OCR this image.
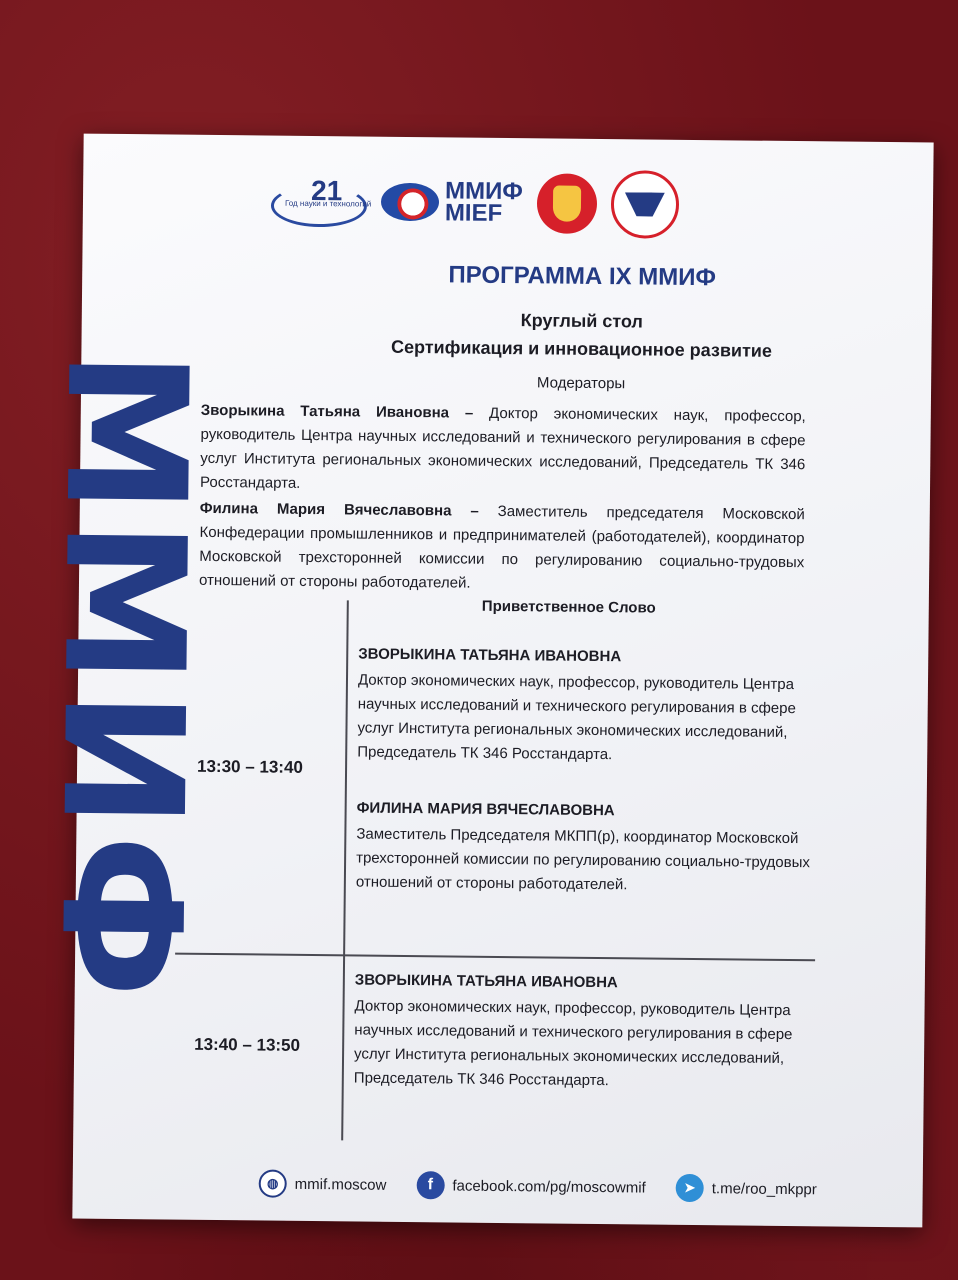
ММИФ
21
Год науки и технологий	ММИФ
MIEF
ПРОГРАММА IX ММИФ
Круглый стол
Сертификация и инновационное развитие
Модераторы
Зворыкина Татьяна Ивановна – Доктор экономических наук, профессор, руководитель Центра научных исследований и технического регулирования в сфере услуг Института региональных экономических исследований, Председатель ТК 346 Росстандарта.
Филина Мария Вячеславовна – Заместитель председателя Московской Конфедерации промышленников и предпринимателей (работодателей), координатор Московской трехсторонней комиссии по регулированию социально-трудовых отношений от стороны работодателей.
Приветственное Слово
13:30 – 13:40
ЗВОРЫКИНА ТАТЬЯНА ИВАНОВНА
Доктор экономических наук, профессор, руководитель Центра научных исследований и технического регулирования в сфере услуг Института региональных экономических исследований, Председатель ТК 346 Росстандарта.
ФИЛИНА МАРИЯ ВЯЧЕСЛАВОВНА
Заместитель Председателя МКПП(р), координатор Московской трехсторонней комиссии по регулированию социально-трудовых отношений от стороны работодателей.
13:40 – 13:50
ЗВОРЫКИНА ТАТЬЯНА ИВАНОВНА
Доктор экономических наук, профессор, руководитель Центра научных исследований и технического регулирования в сфере услуг Института региональных экономических исследований, Председатель ТК 346 Росстандарта.
◍	mmif.moscow	f	facebook.com/pg/moscowmif	➤	t.me/roo_mkppr
